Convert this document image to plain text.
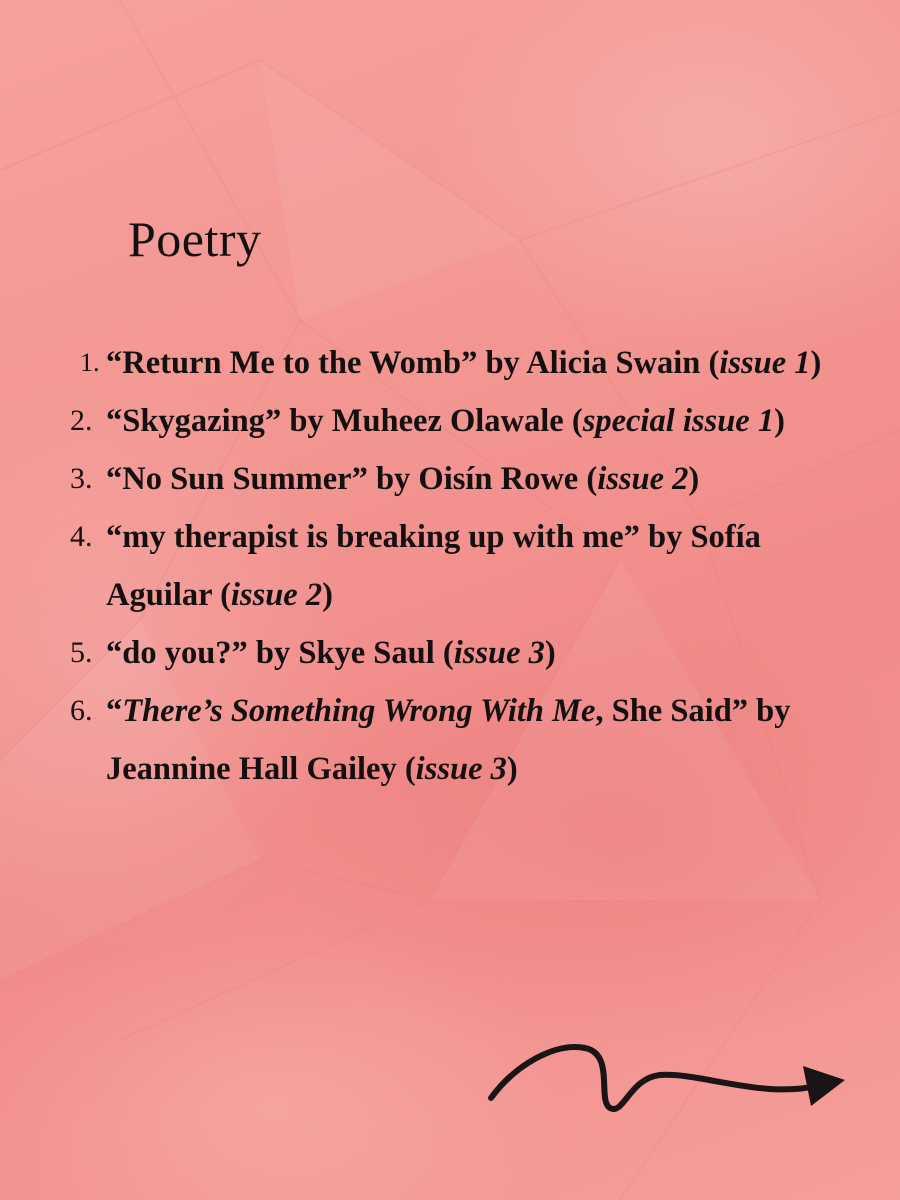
Poetry
1. “Return Me to the Womb” by Alicia Swain (issue 1)
2. “Skygazing” by Muheez Olawale (special issue 1)
3. “No Sun Summer” by Oisín Rowe (issue 2)
4. “my therapist is breaking up with me” by Sofía Aguilar (issue 2)
5. “do you?” by Skye Saul (issue 3)
6. “There’s Something Wrong With Me, She Said” by Jeannine Hall Gailey (issue 3)
